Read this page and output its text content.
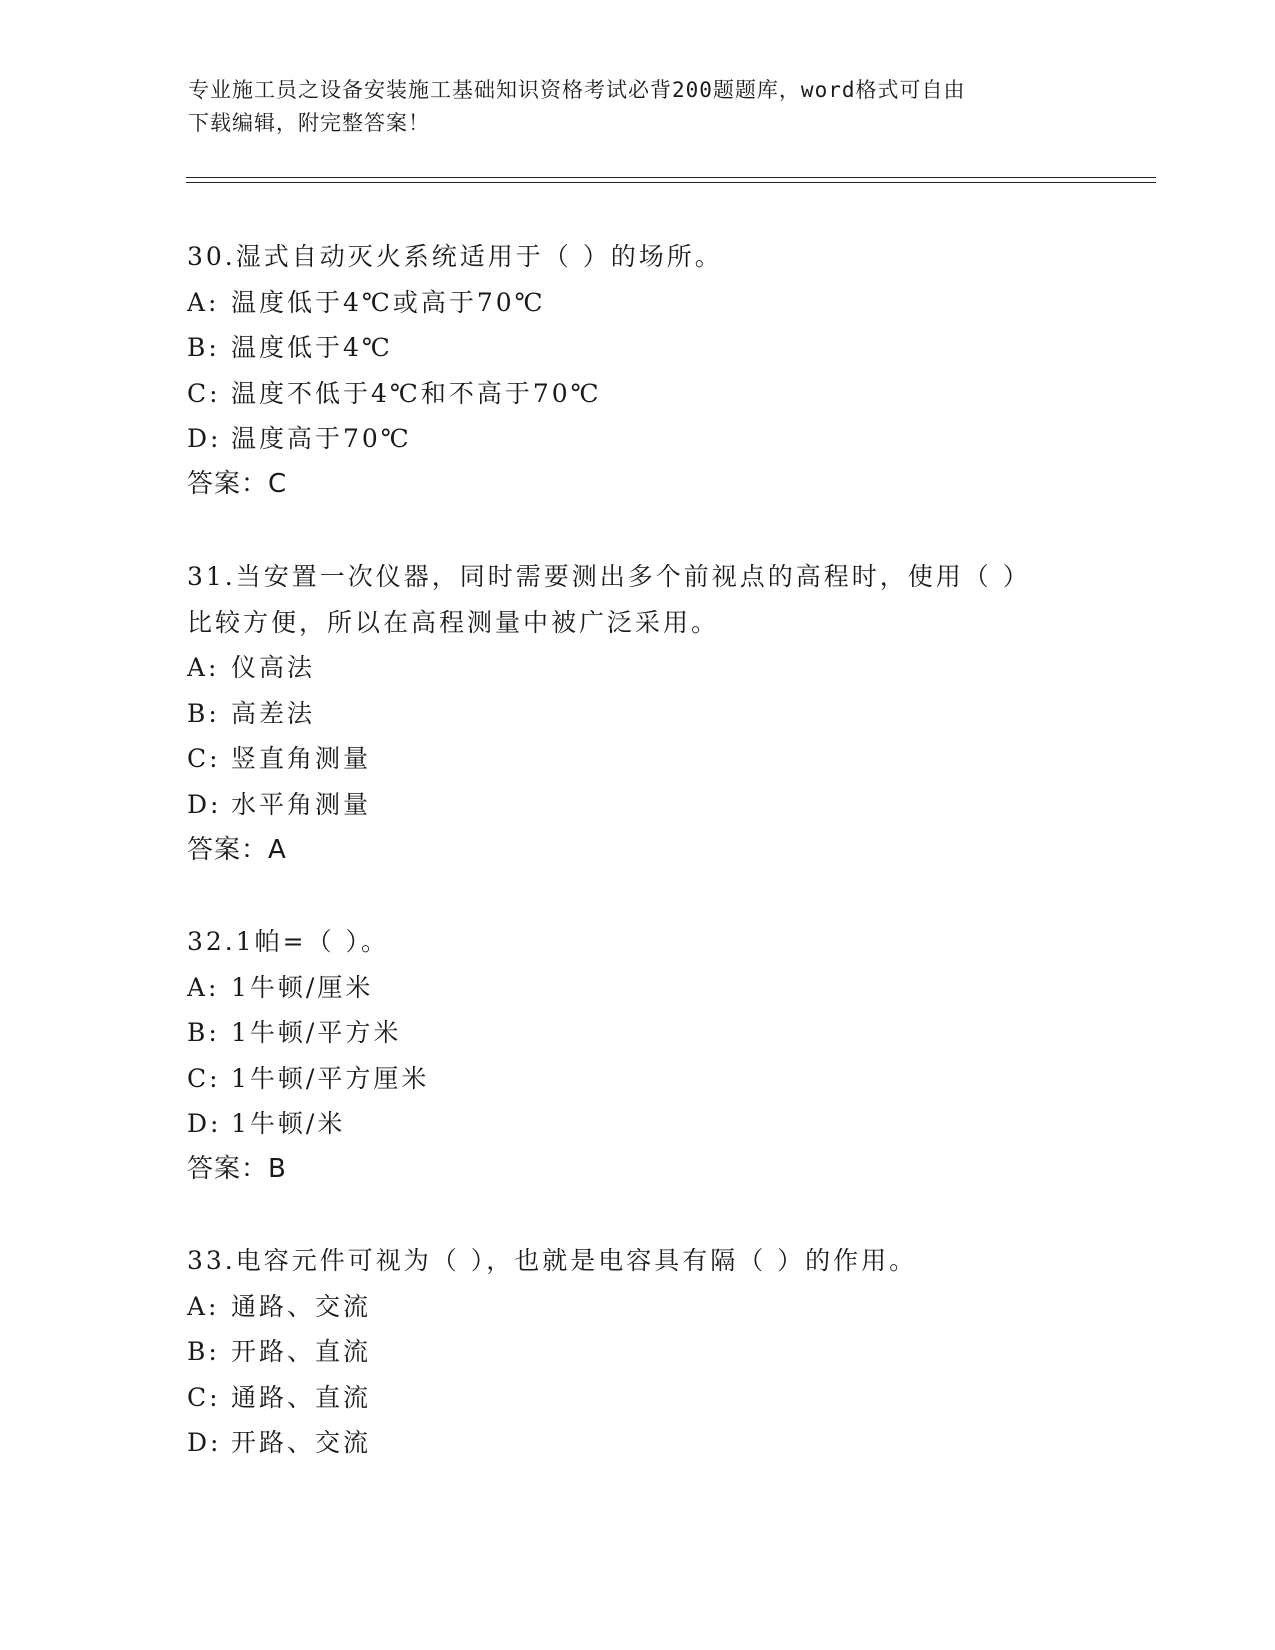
专业施工员之设备安装施工基础知识资格考试必背200题题库，word格式可自由
下载编辑，附完整答案！
30.湿式自动灭火系统适用于（ ）的场所。
A: 温度低于4℃或高于70℃
B: 温度低于4℃
C: 温度不低于4℃和不高于70℃
D: 温度高于70℃
答案：C
31.当安置一次仪器，同时需要测出多个前视点的高程时，使用（ ）
比较方便，所以在高程测量中被广泛采用。
A: 仪高法
B: 高差法
C: 竖直角测量
D: 水平角测量
答案：A
32.1帕=（ ）。
A: 1牛顿/厘米
B: 1牛顿/平方米
C: 1牛顿/平方厘米
D: 1牛顿/米
答案：B
33.电容元件可视为（ ），也就是电容具有隔（ ）的作用。
A: 通路、交流
B: 开路、直流
C: 通路、直流
D: 开路、交流
